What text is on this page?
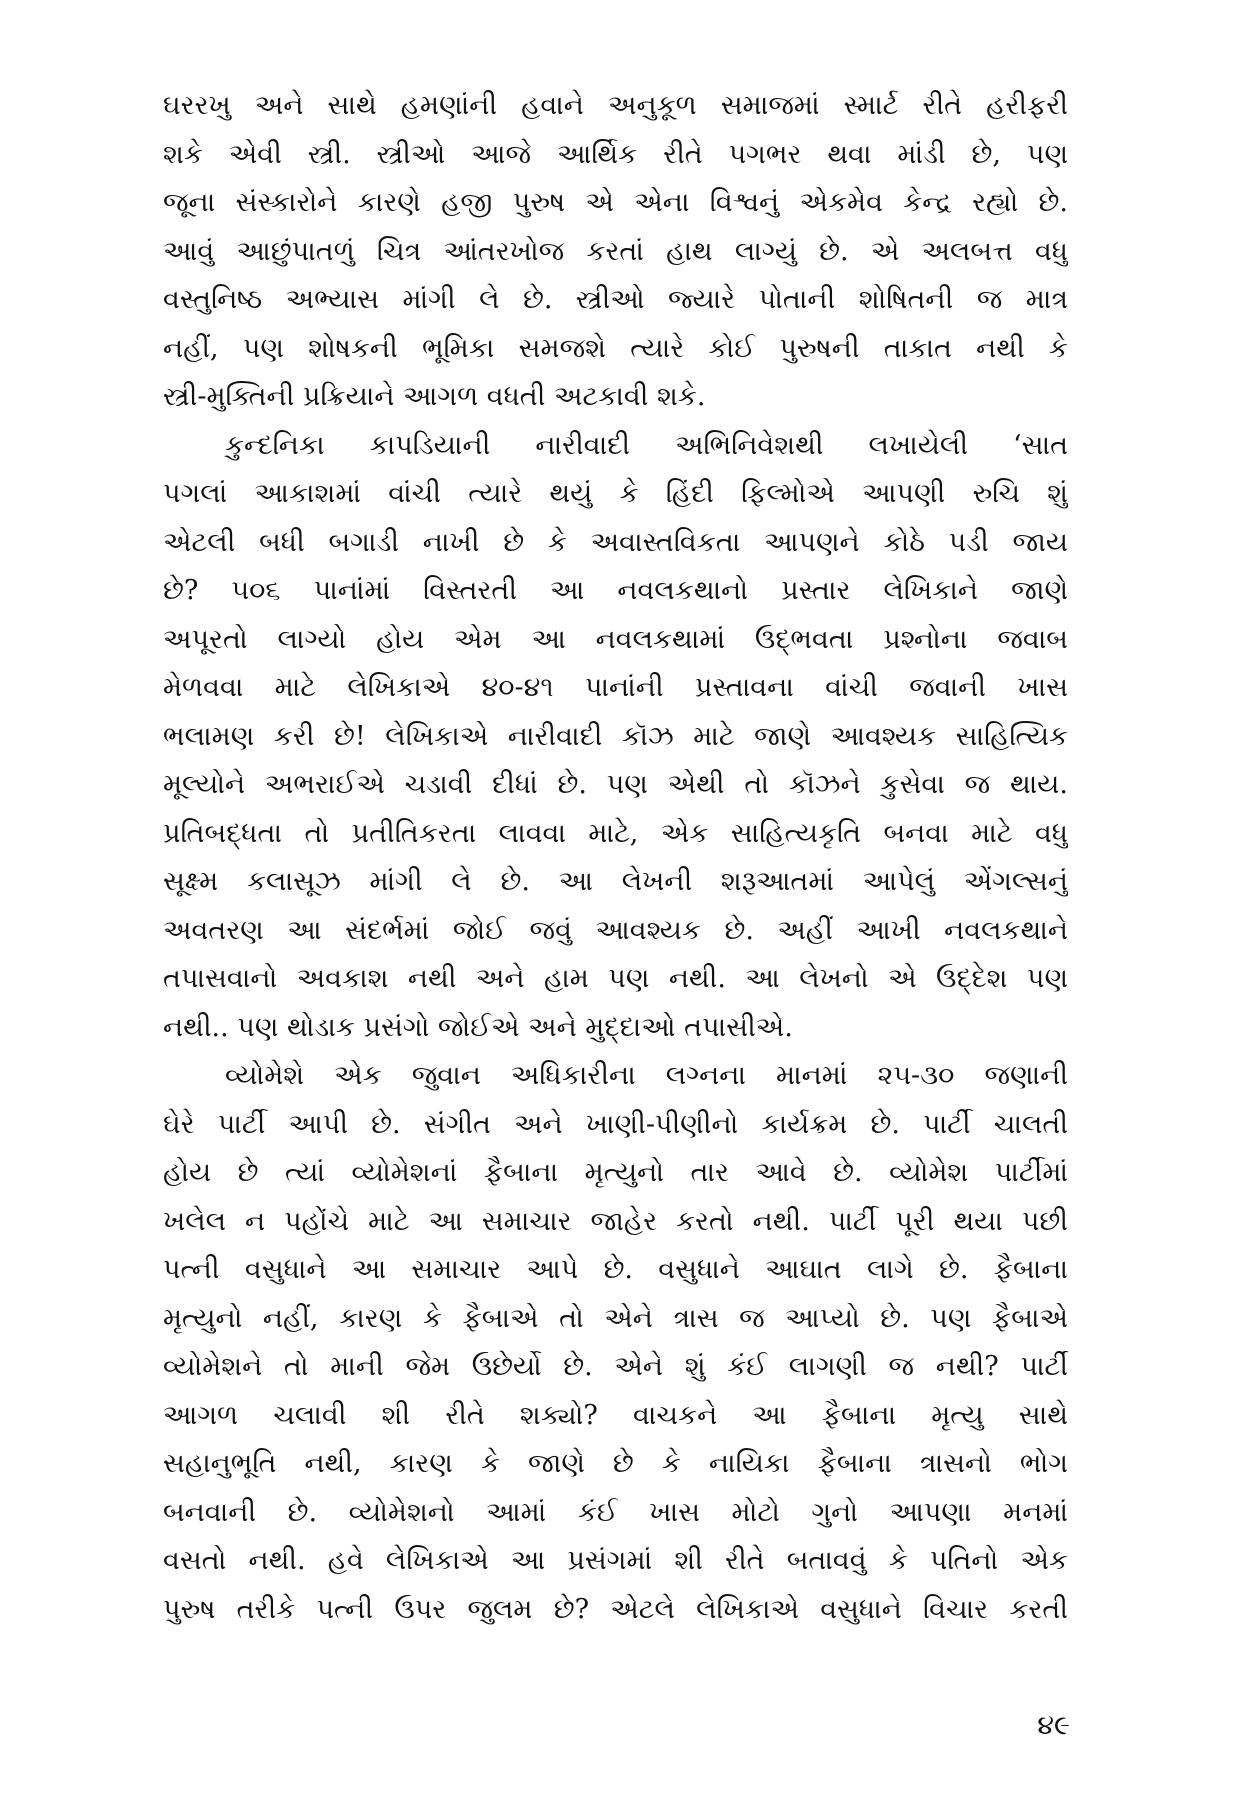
ઘરરખુ અને સાથે હમણાંની હવાને અનુકૂળ સમાજમાં સ્માર્ટ રીતે હરીફરી
શકે એવી સ્ત્રી. સ્ત્રીઓ આજે આર્થિક રીતે પગભર થવા માંડી છે, પણ
જૂના સંસ્કારોને કારણે હજી પુરુષ એ એના વિશ્વનું એકમેવ કેન્દ્ર રહ્યો છે.
આવું આછુંપાતળું ચિત્ર આંતરખોજ કરતાં હાથ લાગ્યું છે. એ અલબત્ત વધુ
વસ્તુનિષ્ઠ અભ્યાસ માંગી લે છે. સ્ત્રીઓ જ્યારે પોતાની શોષિતની જ માત્ર
નહીં, પણ શોષકની ભૂમિકા સમજશે ત્યારે કોઈ પુરુષની તાકાત નથી કે
સ્ત્રી-મુક્તિની પ્રક્રિયાને આગળ વધતી અટકાવી શકે.
કુન્દનિકા કાપડિયાની નારીવાદી અભિનિવેશથી લખાયેલી ‘સાત
પગલાં આકાશમાં વાંચી ત્યારે થયું કે હિંદી ફિલ્મોએ આપણી રુચિ શું
એટલી બધી બગાડી નાખી છે કે અવાસ્તવિકતા આપણને કોઠે પડી જાય
છે? ૫૦૬ પાનાંમાં વિસ્તરતી આ નવલકથાનો પ્રસ્તાર લેખિકાને જાણે
અપૂરતો લાગ્યો હોય એમ આ નવલકથામાં ઉદ્ભવતા પ્રશ્નોના જવાબ
મેળવવા માટે લેખિકાએ ૪૦-૪૧ પાનાંની પ્રસ્તાવના વાંચી જવાની ખાસ
ભલામણ કરી છે! લેખિકાએ નારીવાદી કૉઝ માટે જાણે આવશ્યક સાહિત્યિક
મૂલ્યોને અભરાઈએ ચડાવી દીધાં છે. પણ એથી તો કૉઝને કુસેવા જ થાય.
પ્રતિબદ્ધતા તો પ્રતીતિકરતા લાવવા માટે, એક સાહિત્યકૃતિ બનવા માટે વધુ
સૂક્ષ્મ કલાસૂઝ માંગી લે છે. આ લેખની શરૂઆતમાં આપેલું એંગલ્સનું
અવતરણ આ સંદર્ભમાં જોઈ જવું આવશ્યક છે. અહીં આખી નવલકથાને
તપાસવાનો અવકાશ નથી અને હામ પણ નથી. આ લેખનો એ ઉદ્દેશ પણ
નથી.. પણ થોડાક પ્રસંગો જોઈએ અને મુદ્દાઓ તપાસીએ.
વ્યોમેશે એક જુવાન અધિકારીના લગ્નના માનમાં ૨૫-૩૦ જણાની
ઘેરે પાર્ટી આપી છે. સંગીત અને ખાણી-પીણીનો કાર્યક્રમ છે. પાર્ટી ચાલતી
હોય છે ત્યાં વ્યોમેશનાં ફૈબાના મૃત્યુનો તાર આવે છે. વ્યોમેશ પાર્ટીમાં
ખલેલ ન પહોંચે માટે આ સમાચાર જાહેર કરતો નથી. પાર્ટી પૂરી થયા પછી
પત્ની વસુધાને આ સમાચાર આપે છે. વસુધાને આઘાત લાગે છે. ફૈબાના
મૃત્યુનો નહીં, કારણ કે ફૈબાએ તો એને ત્રાસ જ આપ્યો છે. પણ ફૈબાએ
વ્યોમેશને તો માની જેમ ઉછેર્યો છે. એને શું કંઈ લાગણી જ નથી? પાર્ટી
આગળ ચલાવી શી રીતે શક્યો? વાચકને આ ફૈબાના મૃત્યુ સાથે
સહાનુભૂતિ નથી, કારણ કે જાણે છે કે નાયિકા ફૈબાના ત્રાસનો ભોગ
બનવાની છે. વ્યોમેશનો આમાં કંઈ ખાસ મોટો ગુનો આપણા મનમાં
વસતો નથી. હવે લેખિકાએ આ પ્રસંગમાં શી રીતે બતાવવું કે પતિનો એક
પુરુષ તરીકે પત્ની ઉપર જુલમ છે? એટલે લેખિકાએ વસુધાને વિચાર કરતી
૪૯
